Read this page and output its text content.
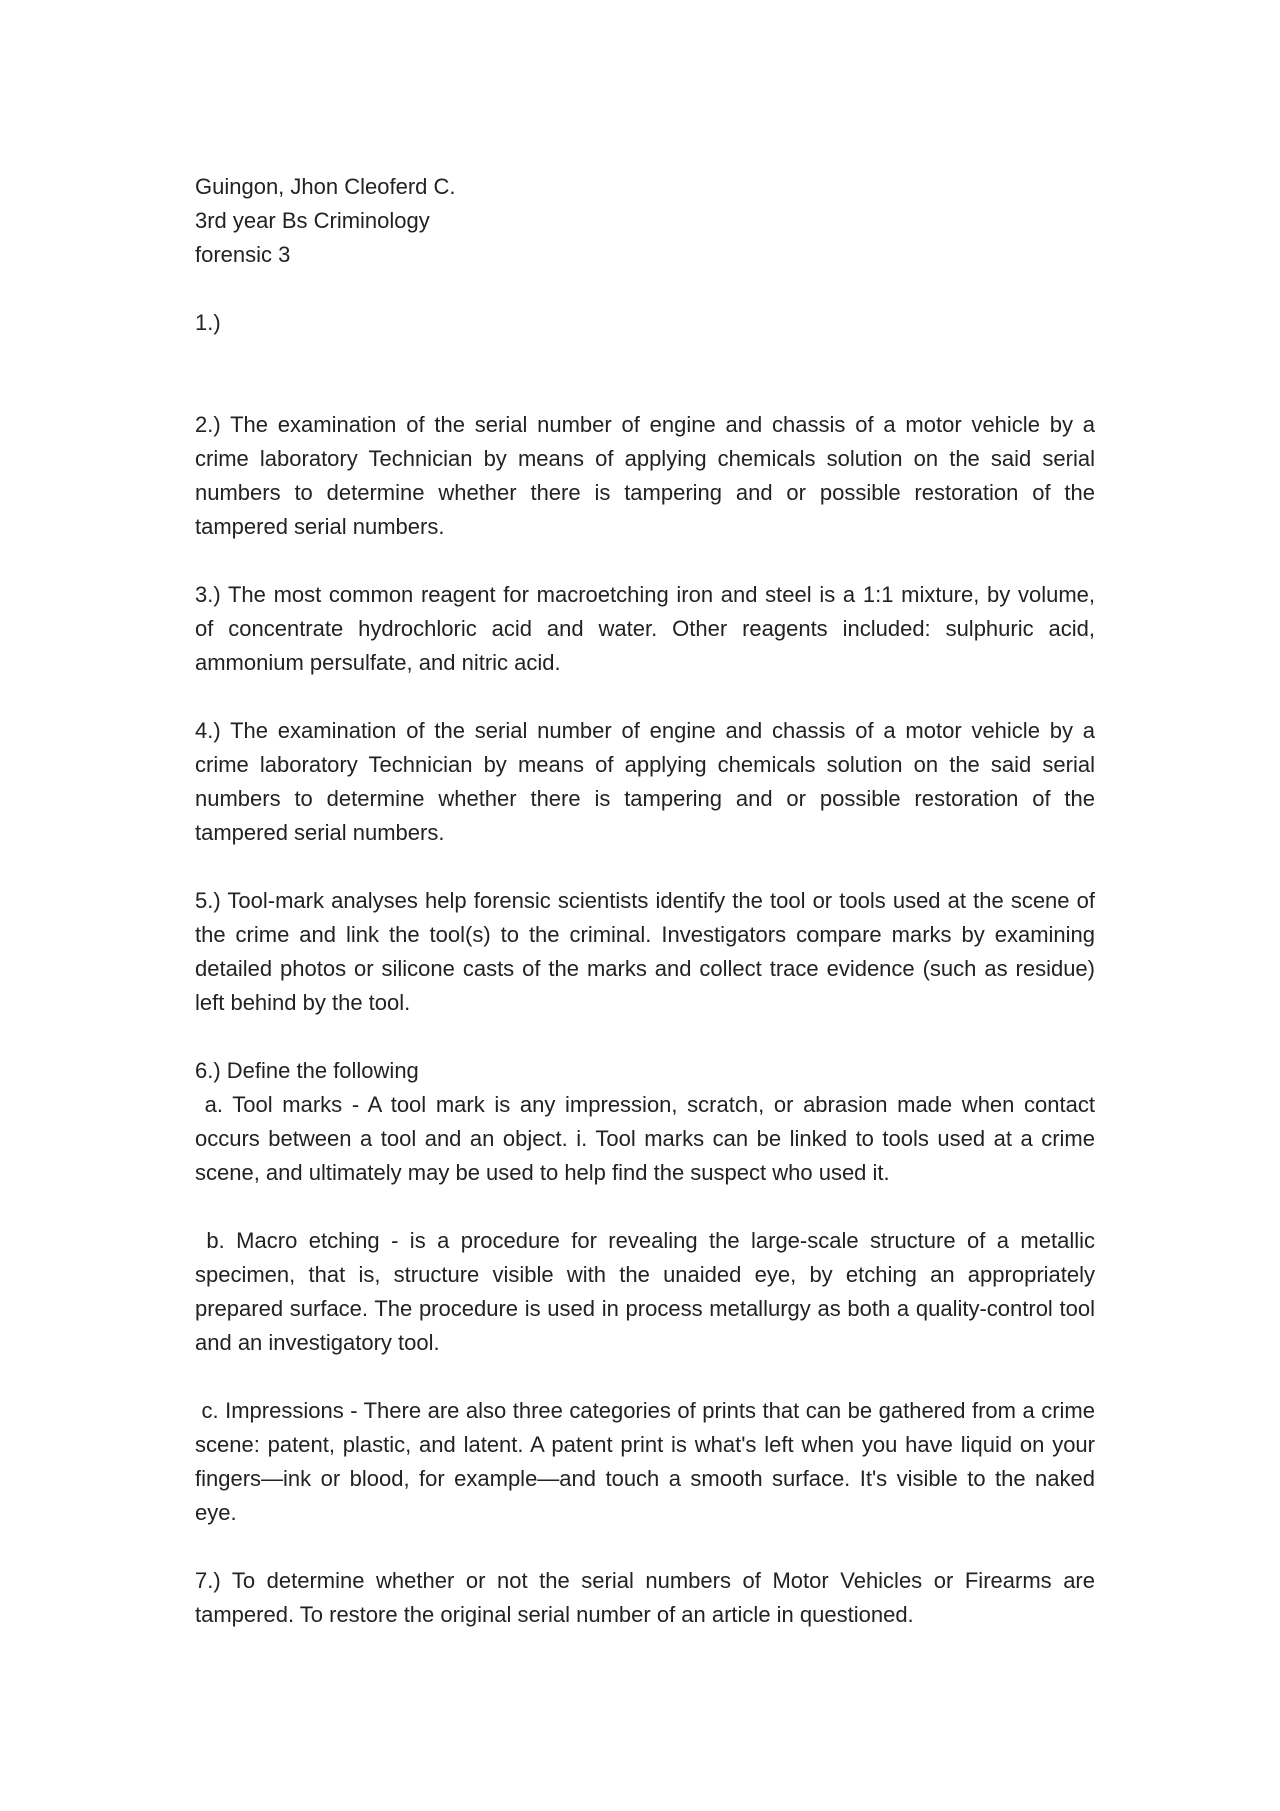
Guingon, Jhon Cleoferd C.

3rd year Bs Criminology

forensic 3

1.)

2.) The examination of the serial number of engine and chassis of a motor vehicle by a crime laboratory Technician by means of applying chemicals solution on the said serial numbers to determine whether there is tampering and or possible restoration of the tampered serial numbers.

3.) The most common reagent for macroetching iron and steel is a 1:1 mixture, by volume, of concentrate hydrochloric acid and water. Other reagents included: sulphuric acid, ammonium persulfate, and nitric acid.

4.) The examination of the serial number of engine and chassis of a motor vehicle by a crime laboratory Technician by means of applying chemicals solution on the said serial numbers to determine whether there is tampering and or possible restoration of the tampered serial numbers.

5.) Tool-mark analyses help forensic scientists identify the tool or tools used at the scene of the crime and link the tool(s) to the criminal. Investigators compare marks by examining detailed photos or silicone casts of the marks and collect trace evidence (such as residue) left behind by the tool.

6.) Define the following

a. Tool marks - A tool mark is any impression, scratch, or abrasion made when contact occurs between a tool and an object. i. Tool marks can be linked to tools used at a crime scene, and ultimately may be used to help find the suspect who used it.

b. Macro etching - is a procedure for revealing the large-scale structure of a metallic specimen, that is, structure visible with the unaided eye, by etching an appropriately prepared surface. The procedure is used in process metallurgy as both a quality-control tool and an investigatory tool.

c. Impressions - There are also three categories of prints that can be gathered from a crime scene: patent, plastic, and latent. A patent print is what's left when you have liquid on your fingers—ink or blood, for example—and touch a smooth surface. It's visible to the naked eye.

7.) To determine whether or not the serial numbers of Motor Vehicles or Firearms are tampered. To restore the original serial number of an article in questioned.
